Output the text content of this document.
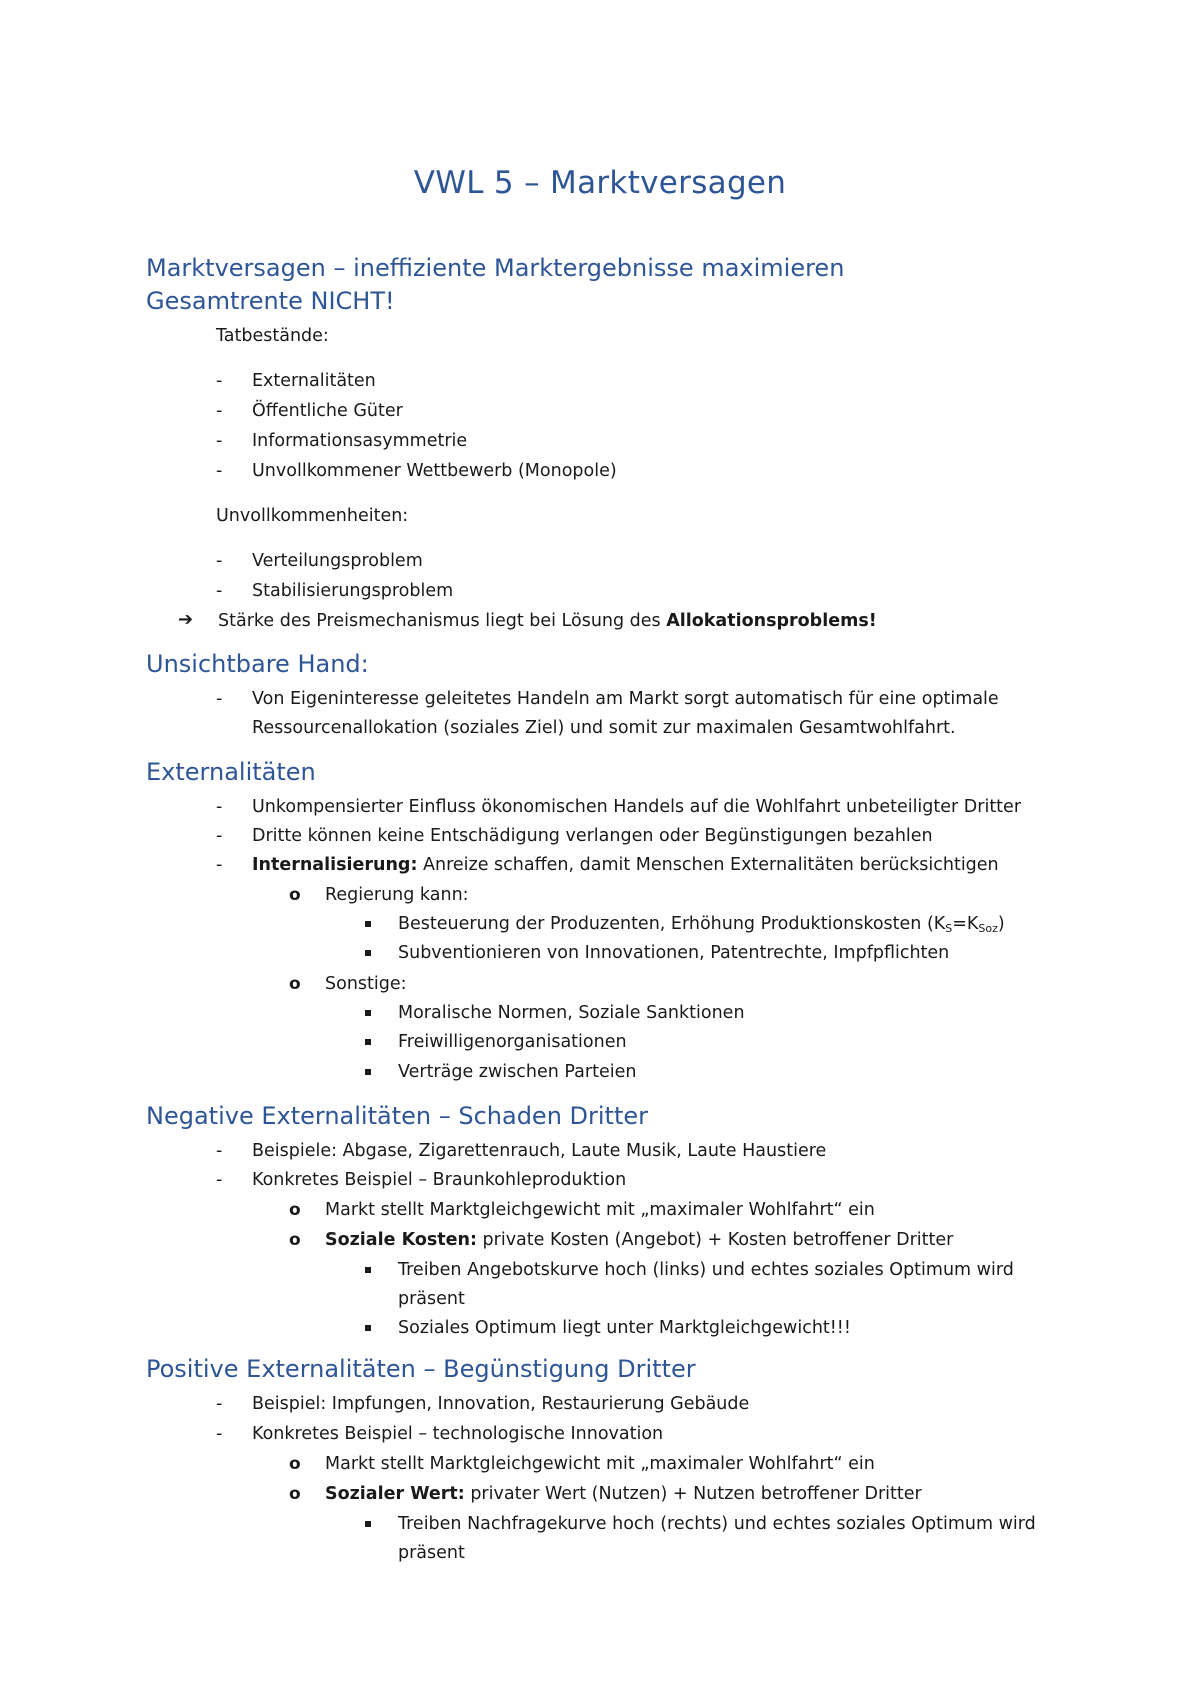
VWL 5 – Marktversagen
Marktversagen – ineffiziente Marktergebnisse maximieren
Gesamtrente NICHT!
Tatbestände:
- Externalitäten
- Öffentliche Güter
- Informationsasymmetrie
- Unvollkommener Wettbewerb (Monopole)
Unvollkommenheiten:
- Verteilungsproblem
- Stabilisierungsproblem
➔ Stärke des Preismechanismus liegt bei Lösung des Allokationsproblems!
Unsichtbare Hand:
- Von Eigeninteresse geleitetes Handeln am Markt sorgt automatisch für eine optimale
Ressourcenallokation (soziales Ziel) und somit zur maximalen Gesamtwohlfahrt.
Externalitäten
- Unkompensierter Einfluss ökonomischen Handels auf die Wohlfahrt unbeteiligter Dritter
- Dritte können keine Entschädigung verlangen oder Begünstigungen bezahlen
- Internalisierung: Anreize schaffen, damit Menschen Externalitäten berücksichtigen
o Regierung kann:
Besteuerung der Produzenten, Erhöhung Produktionskosten $(K_S=K_{Soz})$
Subventionieren von Innovationen, Patentrechte, Impfpflichten
o Sonstige:
Moralische Normen, Soziale Sanktionen
Freiwilligenorganisationen
Verträge zwischen Parteien
Negative Externalitäten – Schaden Dritter
- Beispiele: Abgase, Zigarettenrauch, Laute Musik, Laute Haustiere
- Konkretes Beispiel – Braunkohleproduktion
o Markt stellt Marktgleichgewicht mit „maximaler Wohlfahrt“ ein
o Soziale Kosten: private Kosten (Angebot) + Kosten betroffener Dritter
Treiben Angebotskurve hoch (links) und echtes soziales Optimum wird
präsent
Soziales Optimum liegt unter Marktgleichgewicht!!!
Positive Externalitäten – Begünstigung Dritter
- Beispiel: Impfungen, Innovation, Restaurierung Gebäude
- Konkretes Beispiel – technologische Innovation
o Markt stellt Marktgleichgewicht mit „maximaler Wohlfahrt“ ein
o Sozialer Wert: privater Wert (Nutzen) + Nutzen betroffener Dritter
Treiben Nachfragekurve hoch (rechts) und echtes soziales Optimum wird
präsent
